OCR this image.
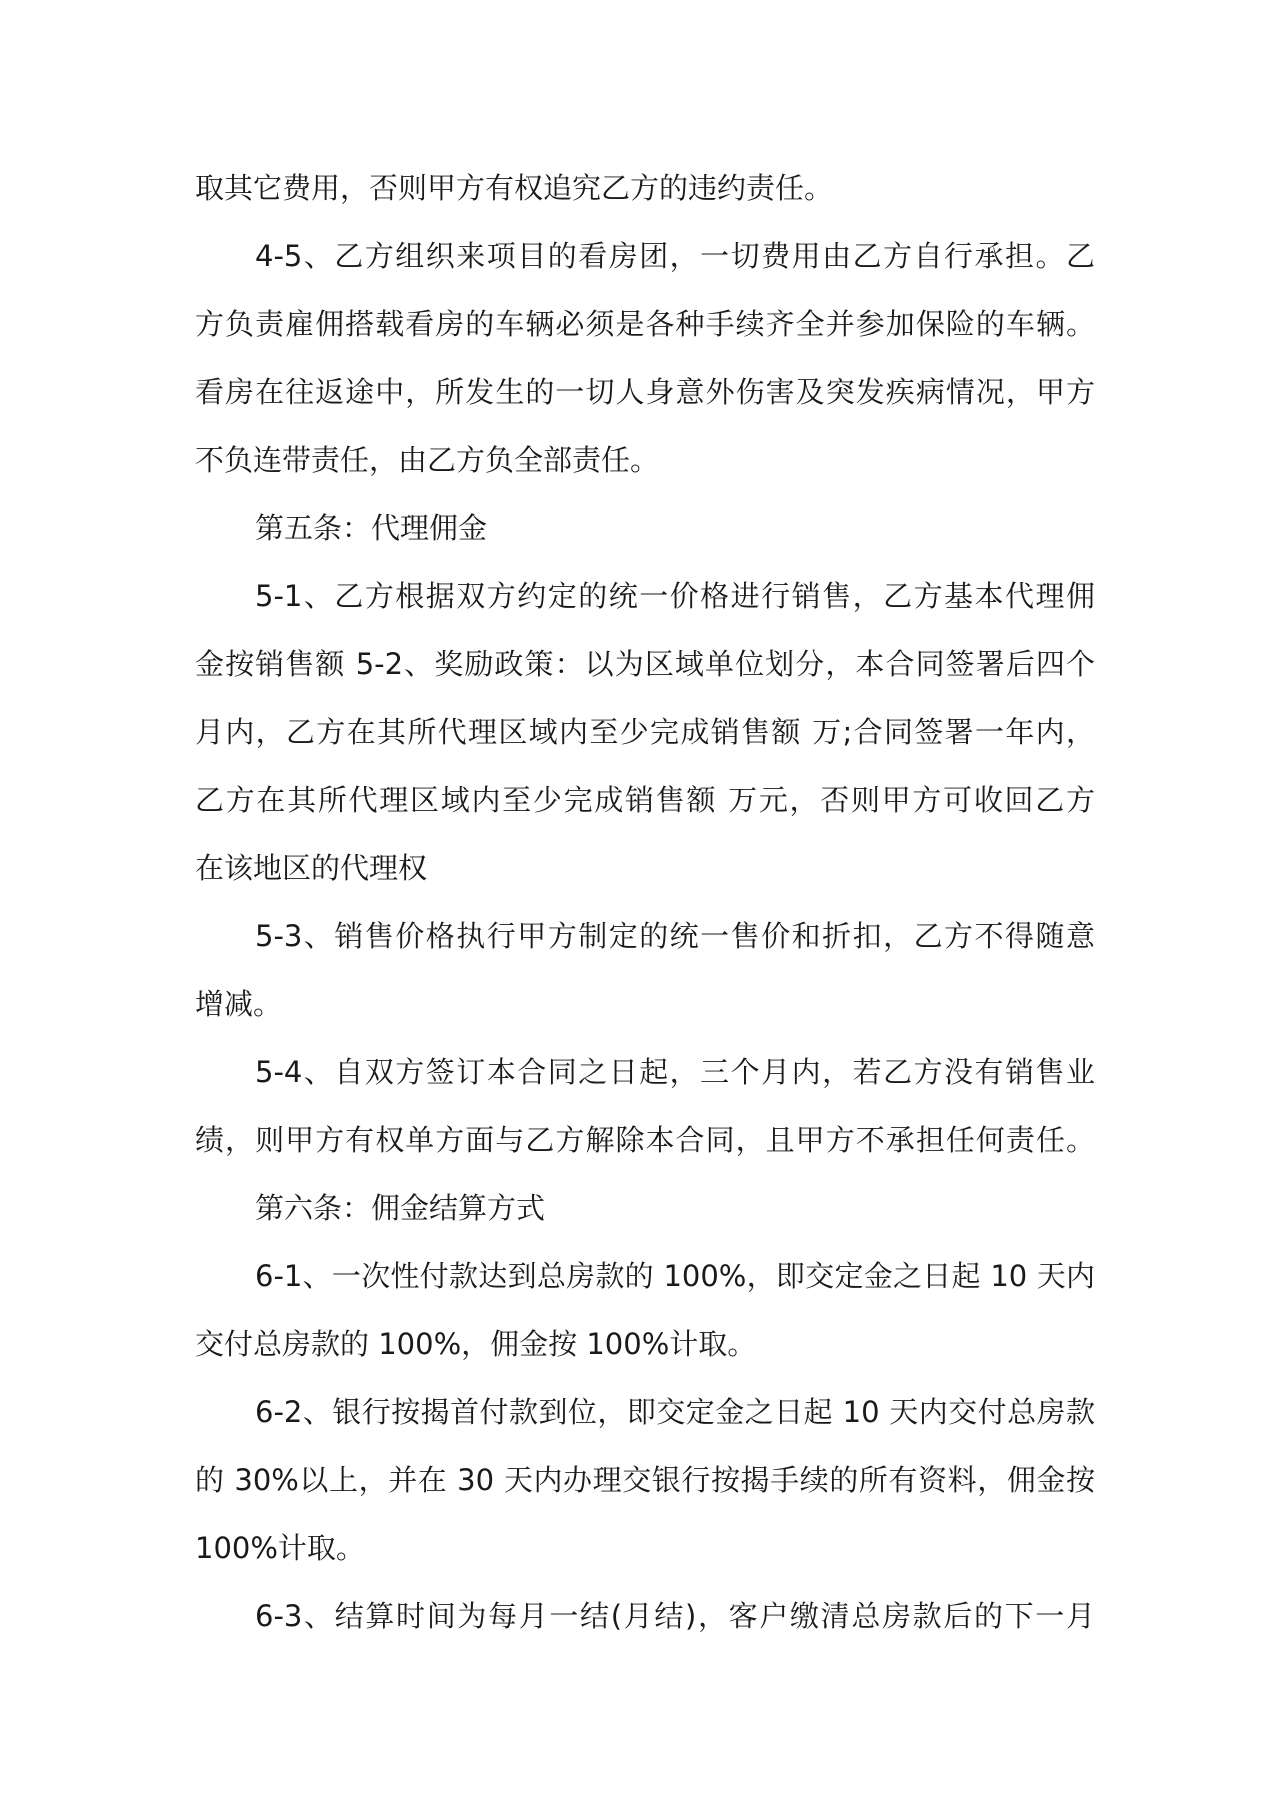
取其它费用，否则甲方有权追究乙方的违约责任。
4-5、乙方组织来项目的看房团，一切费用由乙方自行承担。乙
方负责雇佣搭载看房的车辆必须是各种手续齐全并参加保险的车辆。
看房在往返途中，所发生的一切人身意外伤害及突发疾病情况，甲方
不负连带责任，由乙方负全部责任。
第五条：代理佣金
5-1、乙方根据双方约定的统一价格进行销售，乙方基本代理佣
金按销售额 5-2、奖励政策：以为区域单位划分，本合同签署后四个
月内，乙方在其所代理区域内至少完成销售额 万;合同签署一年内，
乙方在其所代理区域内至少完成销售额 万元，否则甲方可收回乙方
在该地区的代理权
5-3、销售价格执行甲方制定的统一售价和折扣，乙方不得随意
增减。
5-4、自双方签订本合同之日起，三个月内，若乙方没有销售业
绩，则甲方有权单方面与乙方解除本合同，且甲方不承担任何责任。
第六条：佣金结算方式
6-1、一次性付款达到总房款的 100%，即交定金之日起 10 天内
交付总房款的 100%，佣金按 100%计取。
6-2、银行按揭首付款到位，即交定金之日起 10 天内交付总房款
的 30%以上，并在 30 天内办理交银行按揭手续的所有资料，佣金按
100%计取。
6-3、结算时间为每月一结(月结)，客户缴清总房款后的下一月
